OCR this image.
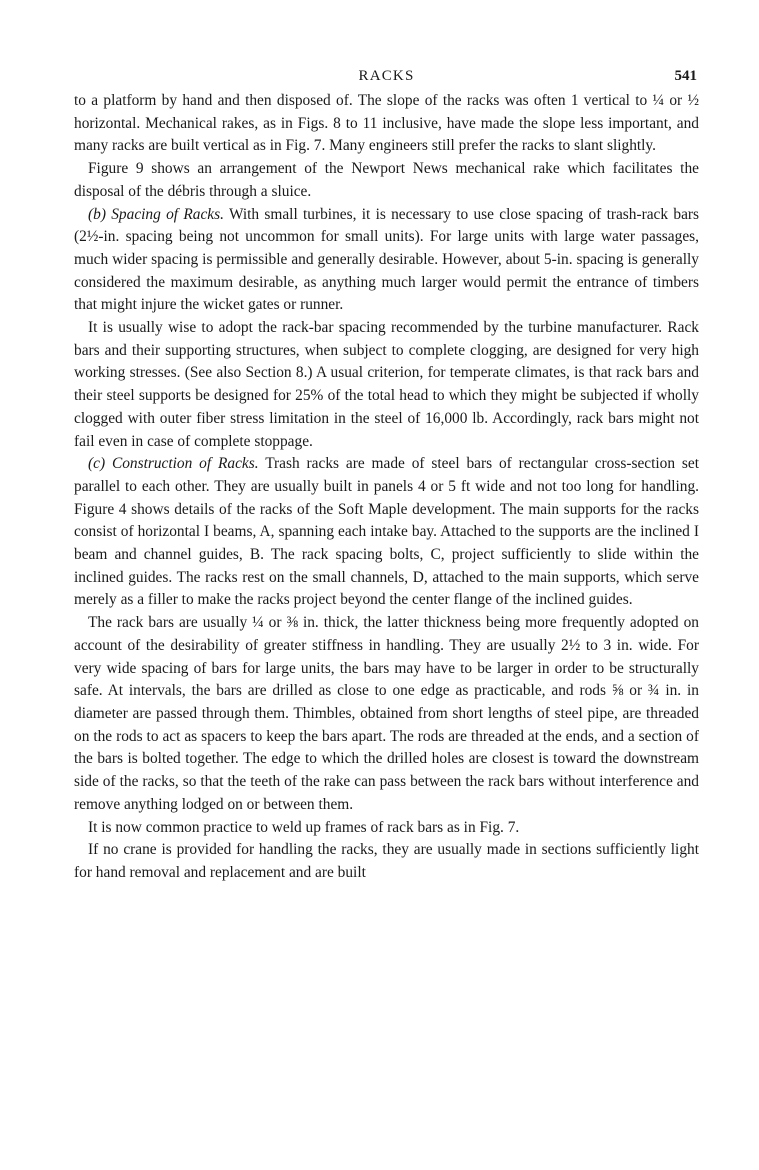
RACKS	541

to a platform by hand and then disposed of. The slope of the racks was often 1 vertical to ¼ or ½ horizontal. Mechanical rakes, as in Figs. 8 to 11 inclusive, have made the slope less important, and many racks are built vertical as in Fig. 7. Many engineers still prefer the racks to slant slightly.

Figure 9 shows an arrangement of the Newport News mechanical rake which facilitates the disposal of the débris through a sluice.

(b) Spacing of Racks. With small turbines, it is necessary to use close spacing of trash-rack bars (2½-in. spacing being not uncommon for small units). For large units with large water passages, much wider spacing is permissible and generally desirable. However, about 5-in. spacing is generally considered the maximum desirable, as anything much larger would permit the entrance of timbers that might injure the wicket gates or runner.

It is usually wise to adopt the rack-bar spacing recommended by the turbine manufacturer. Rack bars and their supporting structures, when subject to complete clogging, are designed for very high working stresses. (See also Section 8.) A usual criterion, for temperate climates, is that rack bars and their steel supports be designed for 25% of the total head to which they might be subjected if wholly clogged with outer fiber stress limitation in the steel of 16,000 lb. Accordingly, rack bars might not fail even in case of complete stoppage.

(c) Construction of Racks. Trash racks are made of steel bars of rectangular cross-section set parallel to each other. They are usually built in panels 4 or 5 ft wide and not too long for handling. Figure 4 shows details of the racks of the Soft Maple development. The main supports for the racks consist of horizontal I beams, A, spanning each intake bay. Attached to the supports are the inclined I beam and channel guides, B. The rack spacing bolts, C, project sufficiently to slide within the inclined guides. The racks rest on the small channels, D, attached to the main supports, which serve merely as a filler to make the racks project beyond the center flange of the inclined guides.

The rack bars are usually ¼ or ⅜ in. thick, the latter thickness being more frequently adopted on account of the desirability of greater stiffness in handling. They are usually 2½ to 3 in. wide. For very wide spacing of bars for large units, the bars may have to be larger in order to be structurally safe. At intervals, the bars are drilled as close to one edge as practicable, and rods ⅝ or ¾ in. in diameter are passed through them. Thimbles, obtained from short lengths of steel pipe, are threaded on the rods to act as spacers to keep the bars apart. The rods are threaded at the ends, and a section of the bars is bolted together. The edge to which the drilled holes are closest is toward the downstream side of the racks, so that the teeth of the rake can pass between the rack bars without interference and remove anything lodged on or between them.

It is now common practice to weld up frames of rack bars as in Fig. 7.

If no crane is provided for handling the racks, they are usually made in sections sufficiently light for hand removal and replacement and are built
